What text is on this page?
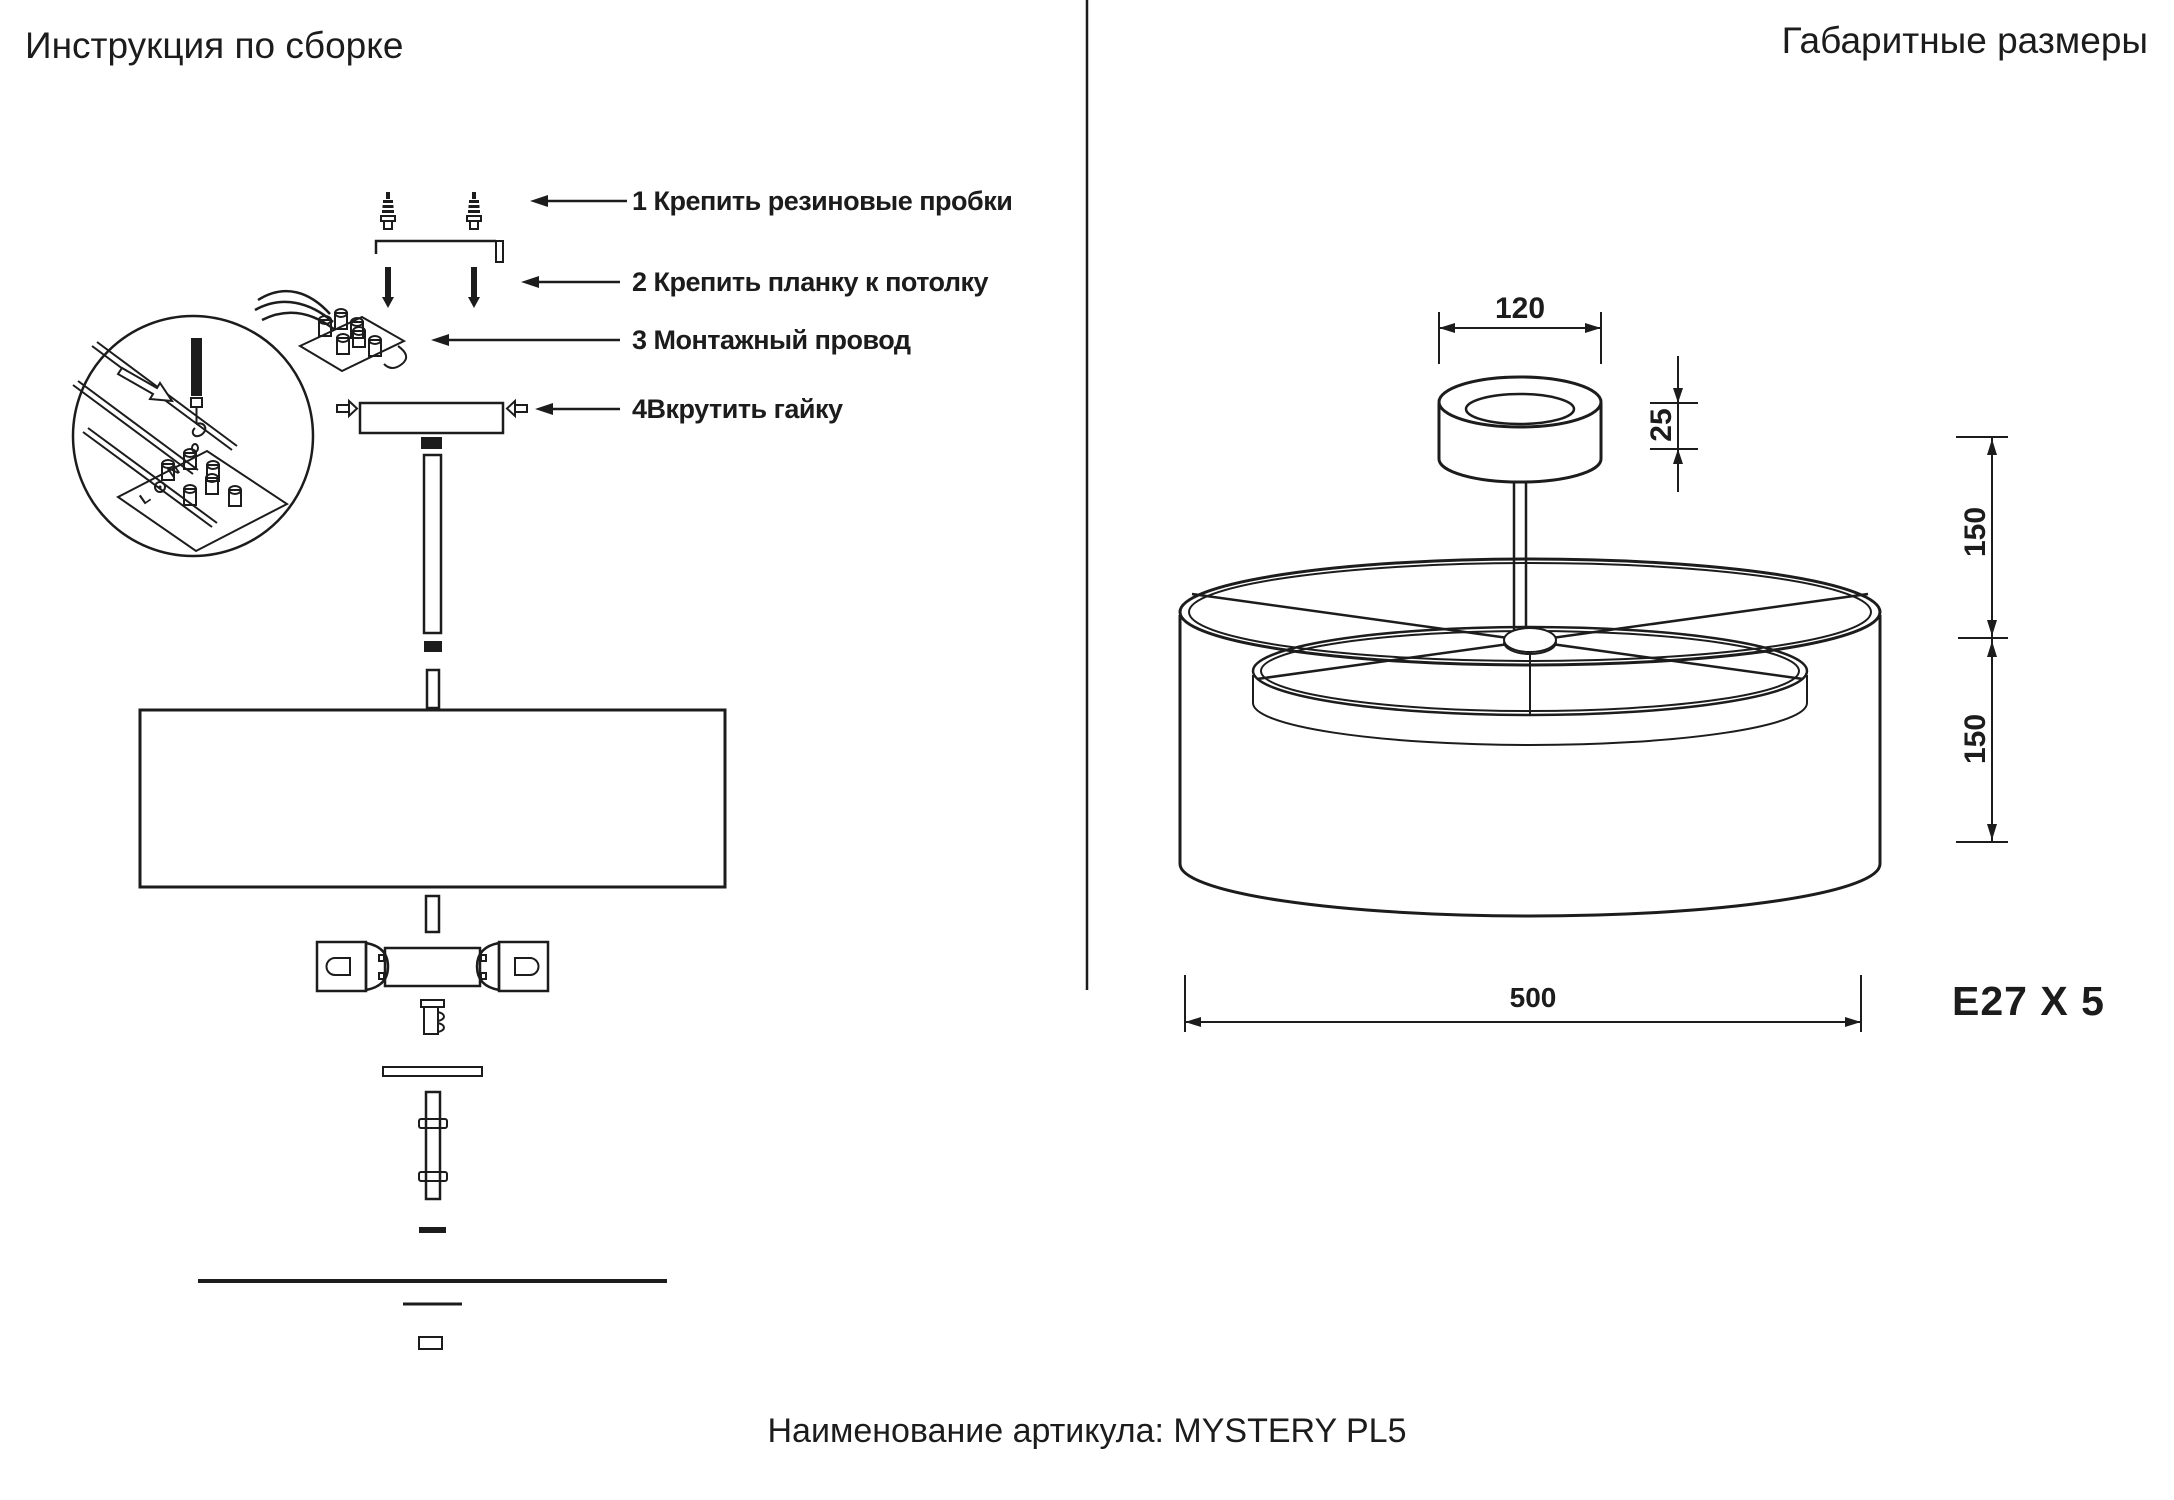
L
N
Инструкция по сборке	Габаритные размеры
1 Крепить резиновые пробки
2 Крепить планку к потолку
3 Монтажный провод
4Вкрутить гайку
120
25
150
150
500	E27 X 5
Наименование артикула: MYSTERY PL5
